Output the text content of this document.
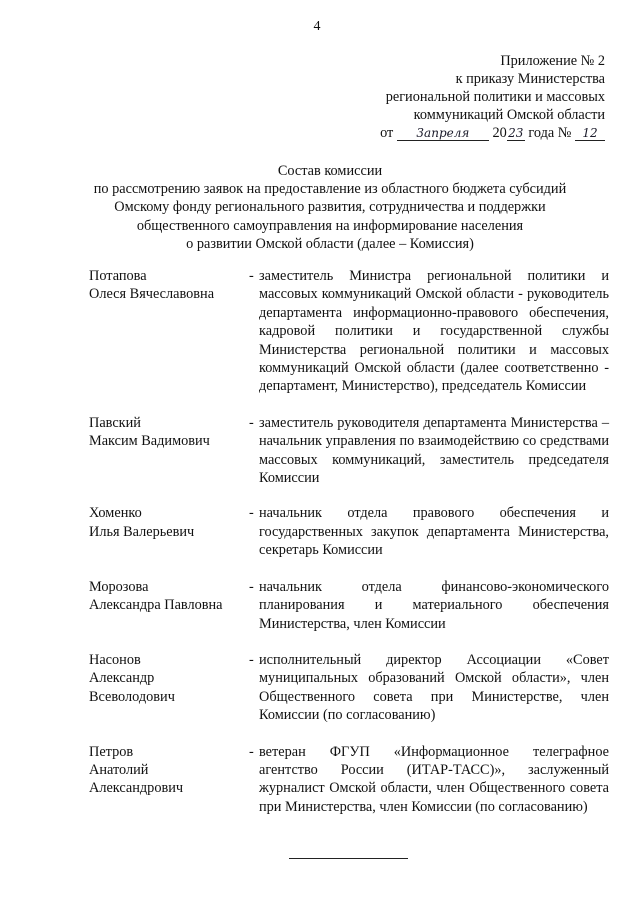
4
Приложение № 2
к приказу Министерства
региональной политики и массовых
коммуникаций Омской области
от 3апреля 2023 года № 12
Состав комиссии
по рассмотрению заявок на предоставление из областного бюджета субсидий
Омскому фонду регионального развития, сотрудничества и поддержки
общественного самоуправления на информирование населения
о развитии Омской области (далее – Комиссия)
Потапова
Олеся Вячеславовна
- заместитель Министра региональной политики и массовых коммуникаций Омской области - руководитель департамента информационно-правового обеспечения, кадровой политики и государственной службы Министерства региональной политики и массовых коммуникаций Омской области (далее соответственно - департамент, Министерство), председатель Комиссии
Павский
Максим Вадимович
- заместитель руководителя департамента Министерства – начальник управления по взаимодействию со средствами массовых коммуникаций, заместитель председателя Комиссии
Хоменко
Илья Валерьевич
- начальник отдела правового обеспечения и государственных закупок департамента Министерства, секретарь Комиссии
Морозова
Александра Павловна
- начальник отдела финансово-экономического планирования и материального обеспечения Министерства, член Комиссии
Насонов
Александр
Всеволодович
- исполнительный директор Ассоциации «Совет муниципальных образований Омской области», член Общественного совета при Министерстве, член Комиссии (по согласованию)
Петров
Анатолий
Александрович
- ветеран ФГУП «Информационное телеграфное агентство России (ИТАР-ТАСС)», заслуженный журналист Омской области, член Общественного совета при Министерства, член Комиссии (по согласованию)
